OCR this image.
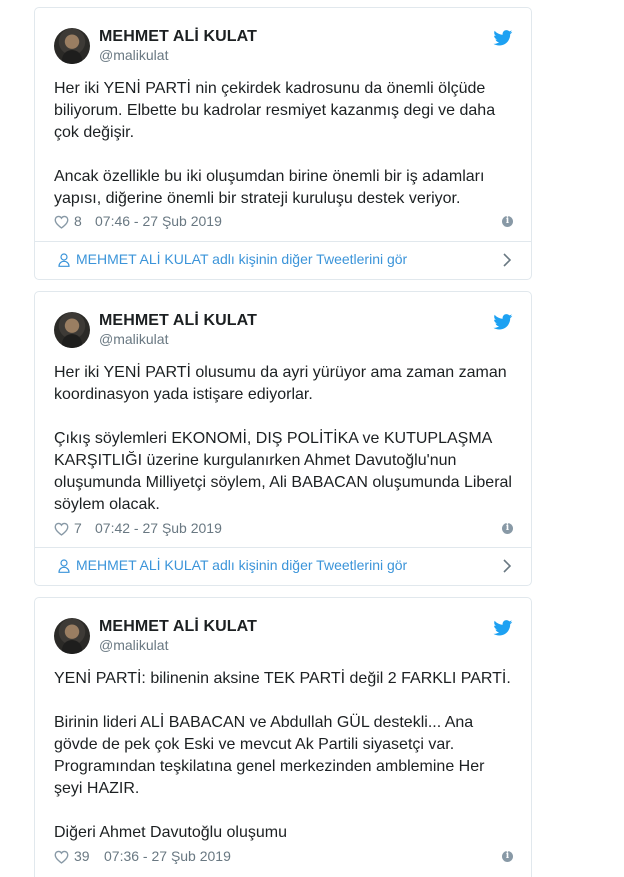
MEHMET ALİ KULAT
@malikulat

Her iki YENİ PARTİ nin çekirdek kadrosunu da önemli ölçüde biliyorum. Elbette bu kadrolar resmiyet kazanmış degi ve daha çok değişir.

Ancak özellikle bu iki oluşumdan birine önemli bir iş adamları yapısı, diğerine önemli bir strateji kuruluşu destek veriyor.

8 07:46 - 27 Şub 2019	i
MEHMET ALİ KULAT adlı kişinin diğer Tweetlerini gör
MEHMET ALİ KULAT
@malikulat

Her iki YENİ PARTİ olusumu da ayri yürüyor ama zaman zaman koordinasyon yada istişare ediyorlar.

Çıkış söylemleri EKONOMİ, DIŞ POLİTİKA ve KUTUPLAŞMA KARŞITLIĞI üzerine kurgulanırken Ahmet Davutoğlu'nun oluşumunda Milliyetçi söylem, Ali BABACAN oluşumunda Liberal söylem olacak.

7 07:42 - 27 Şub 2019	i
MEHMET ALİ KULAT adlı kişinin diğer Tweetlerini gör
MEHMET ALİ KULAT
@malikulat

YENİ PARTİ: bilinenin aksine TEK PARTİ değil 2 FARKLI PARTİ.

Birinin lideri ALİ BABACAN ve Abdullah GÜL destekli... Ana gövde de pek çok Eski ve mevcut Ak Partili siyasetçi var. Programından teşkilatına genel merkezinden amblemine Her şeyi HAZIR.

Diğeri Ahmet Davutoğlu oluşumu

39 07:36 - 27 Şub 2019	i
